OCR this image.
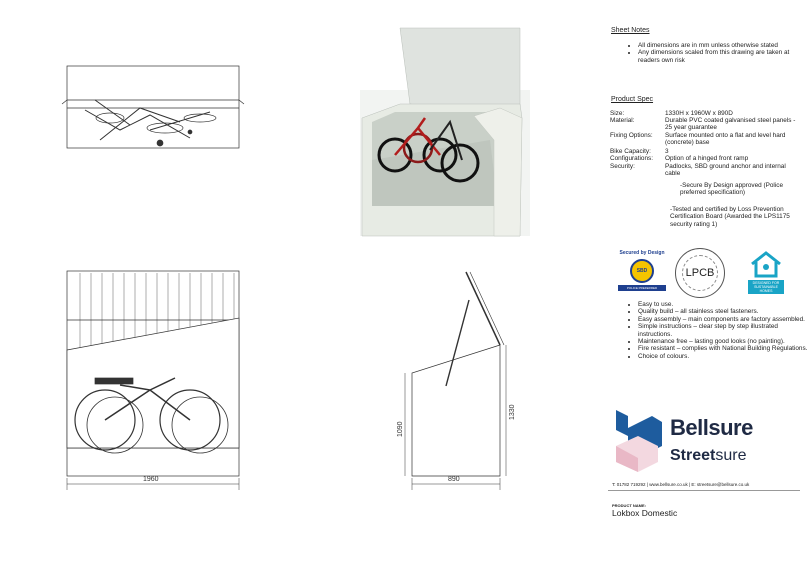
1960	890
1090
1330
Sheet Notes
• All dimensions are in mm unless otherwise stated
• Any dimensions scaled from this drawing are taken at readers own risk
Product Spec
Size:	1330H x 1960W x 890D
Material:	Durable PVC coated galvanised steel panels - 25 year guarantee
Fixing Options:	Surface mounted onto a flat and level hard (concrete) base
Bike Capacity:	3
Configurations:	Option of a hinged front ramp
Security:	Padlocks, SBD ground anchor and internal cable
-Secure By Design approved (Police preferred specification)
-Tested and certified by Loss Prevention Certification Board (Awarded the LPS1175 security rating 1)
Secured by Design
SBD
POLICE PREFERRED SPECIFICATION
LPCB
DESIGNED FOR SUSTAINABLE HOMES
• Easy to use.
• Quality build – all stainless steel fasteners.
• Easy assembly – main components are factory assembled.
• Simple instructions – clear step by step illustrated instructions.
• Maintenance free – lasting good looks (no painting).
• Fire resistant – complies with National Building Regulations.
• Choice of colours.
Bellsure
Streetsure
T: 01782 719292 | www.bellsure.co.uk | E: streetsure@bellsure.co.uk
PRODUCT NAME:
Lokbox Domestic
